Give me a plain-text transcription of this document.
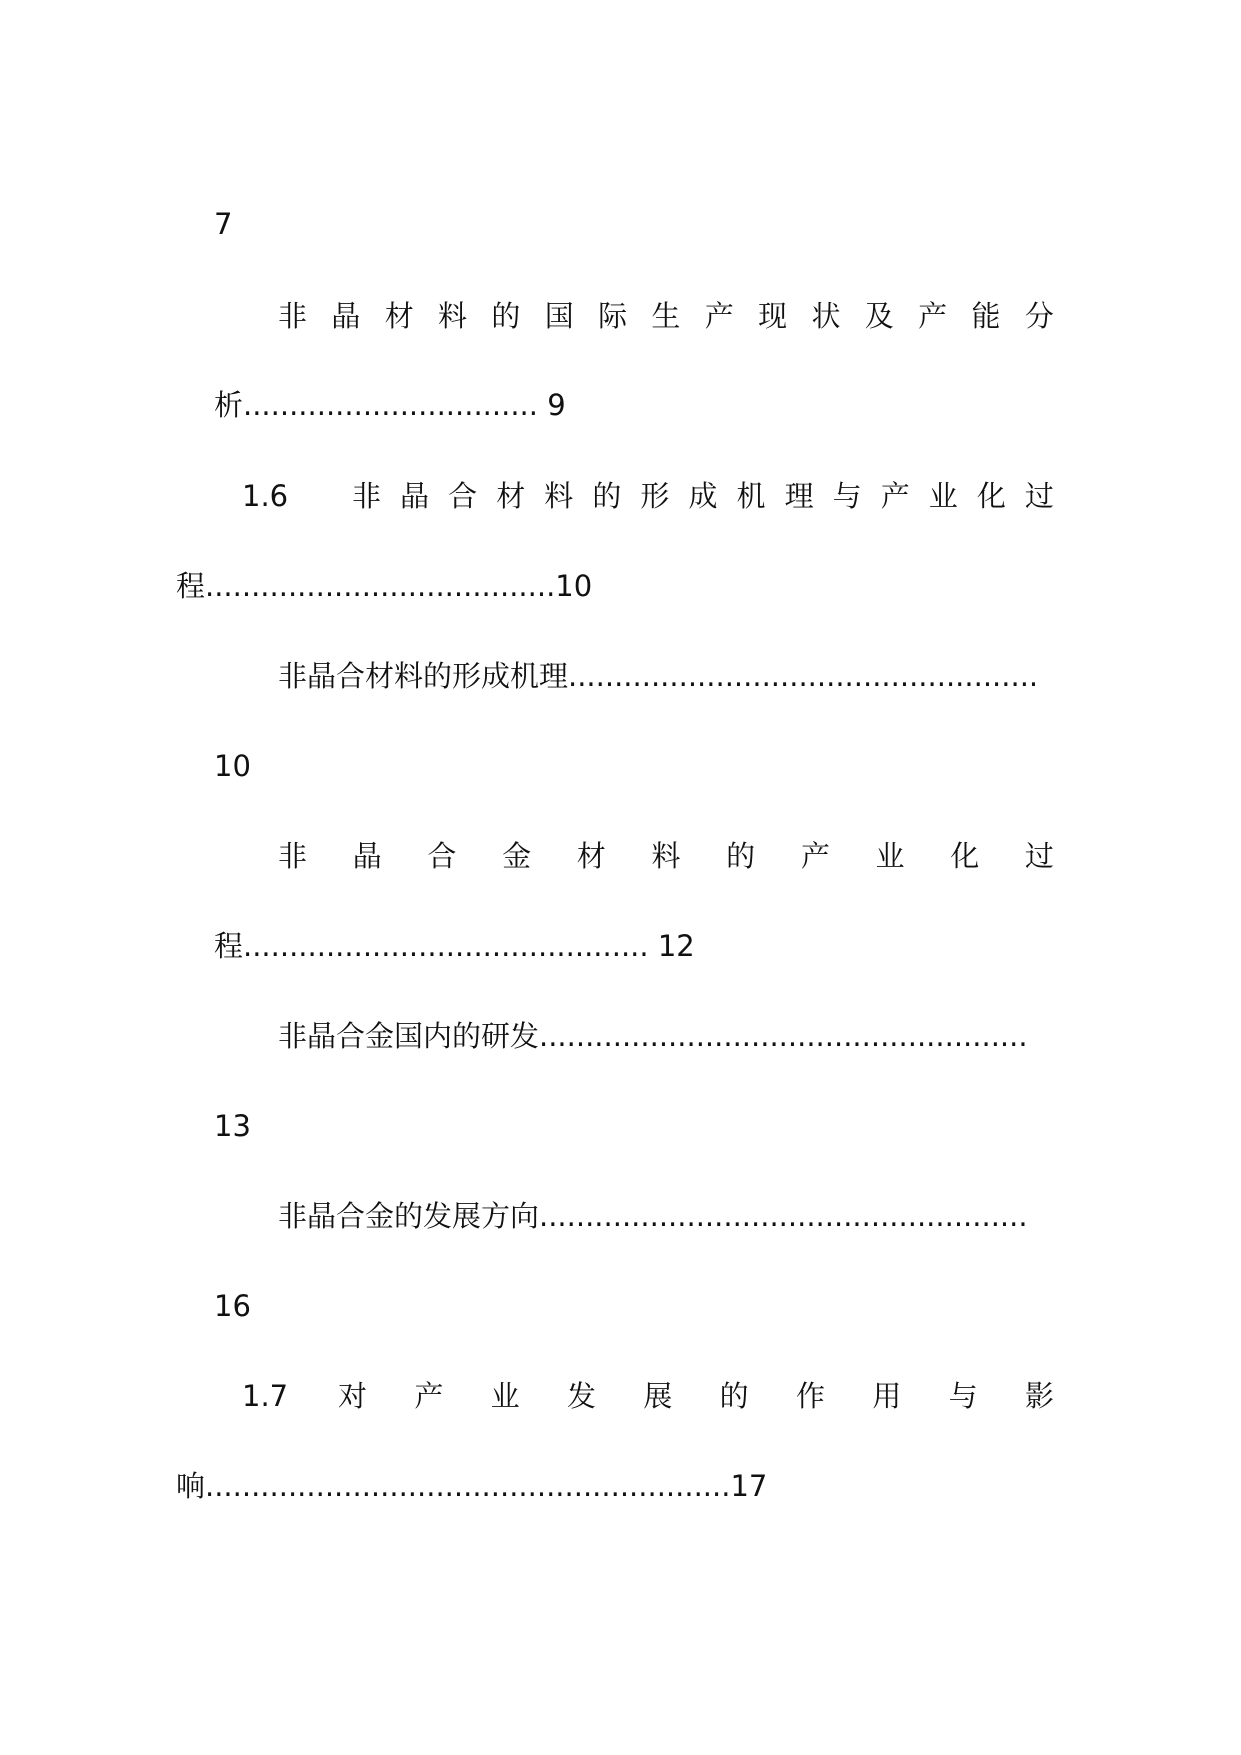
7
非 晶 材 料 的 国 际 生 产 现 状 及 产 能 分
析................................ 9
1.6 非 晶 合 材 料 的 形 成 机 理 与 产 业 化 过
程......................................10
非晶合材料的形成机理...................................................
10
非 晶 合 金 材 料 的 产 业 化 过
程............................................ 12
非晶合金国内的研发.....................................................
13
非晶合金的发展方向.....................................................
16
1.7 对 产 业 发 展 的 作 用 与 影
响.........................................................17
